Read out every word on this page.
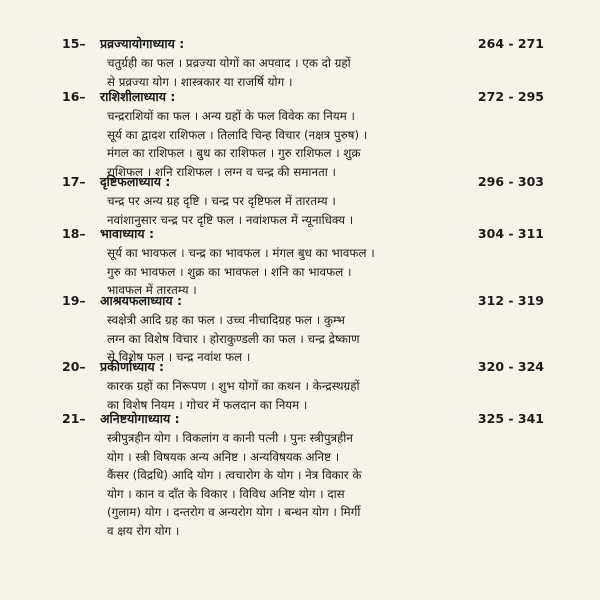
15– प्रव्रज्यायोगाध्याय :	264 - 271
चतुर्ग्रही का फल । प्रव्रज्या योगों का अपवाद । एक दो ग्रहों
से प्रव्रज्या योग । शास्त्रकार या राजर्षि योग ।
16– राशिशीलाध्याय :	272 - 295
चन्द्रराशियों का फल । अन्य ग्रहों के फल विवेक का नियम ।
सूर्य का द्वादश राशिफल । तिलादि चिन्ह विचार (नक्षत्र पुरुष) ।
मंगल का राशिफल । बुध का राशिफल । गुरु राशिफल । शुक्र
राशिफल । शनि राशिफल । लग्न व चन्द्र की समानता ।
17– दृष्टिफलाध्याय :	296 - 303
चन्द्र पर अन्य ग्रह दृष्टि । चन्द्र पर दृष्टिफल में तारतम्य ।
नवांशानुसार चन्द्र पर दृष्टि फल । नवांशफल में न्यूनाधिक्य ।
18– भावाध्याय :	304 - 311
सूर्य का भावफल । चन्द्र का भावफल । मंगल बुध का भावफल ।
गुरु का भावफल । शुक्र का भावफल । शनि का भावफल ।
भावफल में तारतम्य ।
19– आश्रयफलाध्याय :	312 - 319
स्वक्षेत्री आदि ग्रह का फल । उच्च नीचादिग्रह फल । कुम्भ
लग्न का विशेष विचार । होराकुण्डली का फल । चन्द्र द्रेष्काण
से विशेष फल । चन्द्र नवांश फल ।
20– प्रकीर्णाध्याय :	320 - 324
कारक ग्रहों का निरूपण । शुभ योगों का कथन । केन्द्रस्थग्रहों
का विशेष नियम । गोचर में फलदान का नियम ।
21– अनिष्टयोगाध्याय :	325 - 341
स्त्रीपुत्रहीन योग । विकलांग व कानी पत्नी । पुनः स्त्रीपुत्रहीन
योग । स्त्री विषयक अन्य अनिष्ट । अन्यविषयक अनिष्ट ।
कैंसर (विद्रधि) आदि योग । त्वचारोग के योग । नेत्र विकार के
योग । कान व दाँत के विकार । विविध अनिष्ट योग । दास
(गुलाम) योग । दन्तरोग व अन्यरोग योग । बन्धन योग । मिर्गी
व क्षय रोग योग ।
